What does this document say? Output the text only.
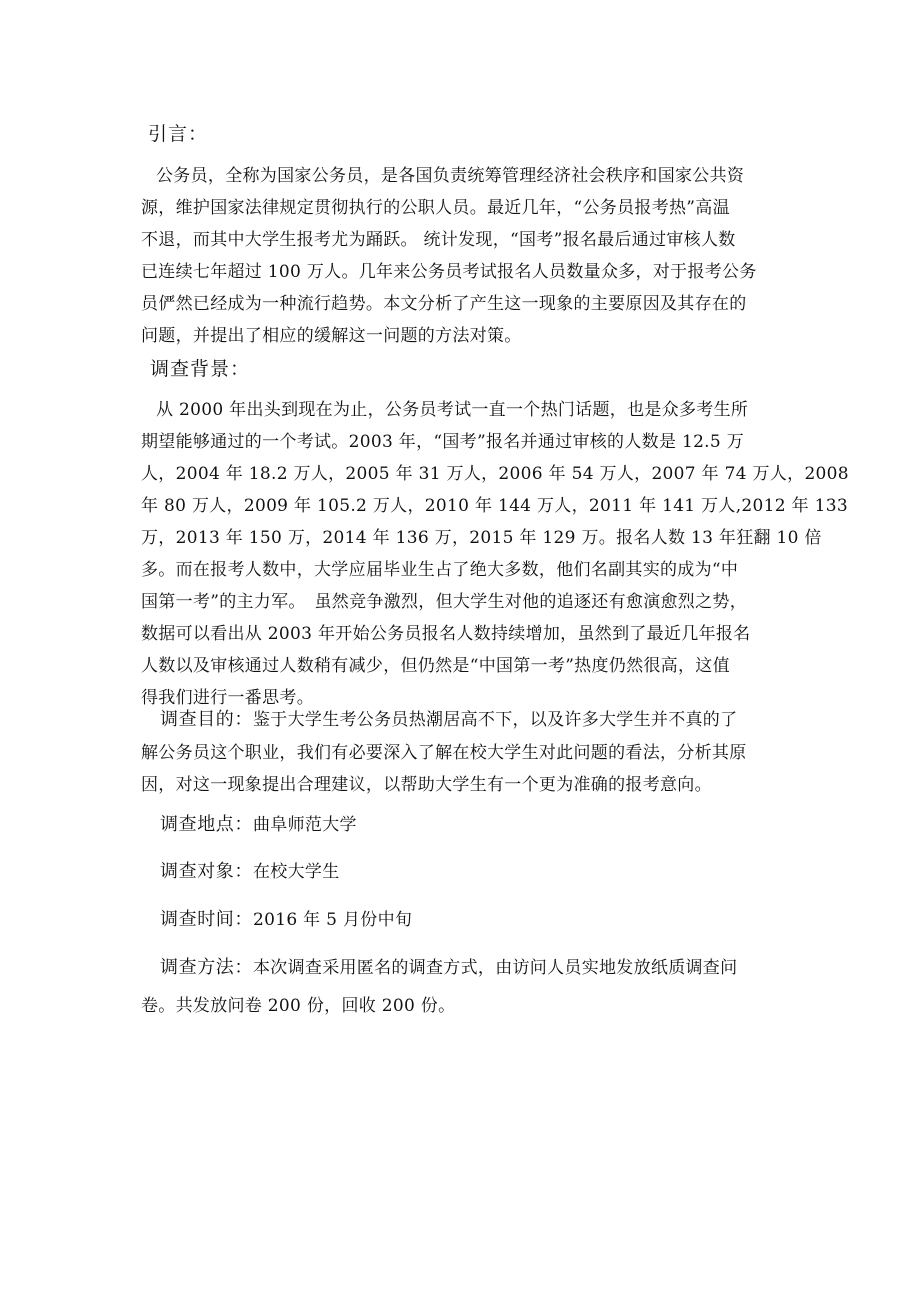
引言：
公务员，全称为国家公务员，是各国负责统筹管理经济社会秩序和国家公共资
源，维护国家法律规定贯彻执行的公职人员。最近几年，“公务员报考热”高温
不退，而其中大学生报考尤为踊跃。 统计发现，“国考”报名最后通过审核人数
已连续七年超过 100 万人。几年来公务员考试报名人员数量众多，对于报考公务
员俨然已经成为一种流行趋势。本文分析了产生这一现象的主要原因及其存在的
问题，并提出了相应的缓解这一问题的方法对策。
调查背景：
从 2000 年出头到现在为止，公务员考试一直一个热门话题，也是众多考生所
期望能够通过的一个考试。2003 年，“国考”报名并通过审核的人数是 12.5 万
人，2004 年 18.2 万人，2005 年 31 万人，2006 年 54 万人，2007 年 74 万人，2008
年 80 万人，2009 年 105.2 万人，2010 年 144 万人，2011 年 141 万人,2012 年 133
万，2013 年 150 万，2014 年 136 万，2015 年 129 万。报名人数 13 年狂翻 10 倍
多。而在报考人数中，大学应届毕业生占了绝大多数，他们名副其实的成为“中
国第一考”的主力军。　虽然竞争激烈，但大学生对他的追逐还有愈演愈烈之势，
数据可以看出从 2003 年开始公务员报名人数持续增加，虽然到了最近几年报名
人数以及审核通过人数稍有减少，但仍然是“中国第一考”热度仍然很高，这值
得我们进行一番思考。
调查目的：鉴于大学生考公务员热潮居高不下，以及许多大学生并不真的了
解公务员这个职业，我们有必要深入了解在校大学生对此问题的看法，分析其原
因，对这一现象提出合理建议，以帮助大学生有一个更为准确的报考意向。
调查地点：曲阜师范大学
调查对象：在校大学生
调查时间：2016 年 5 月份中旬
调查方法：本次调查采用匿名的调查方式，由访问人员实地发放纸质调查问
卷。共发放问卷 200 份，回收 200 份。
